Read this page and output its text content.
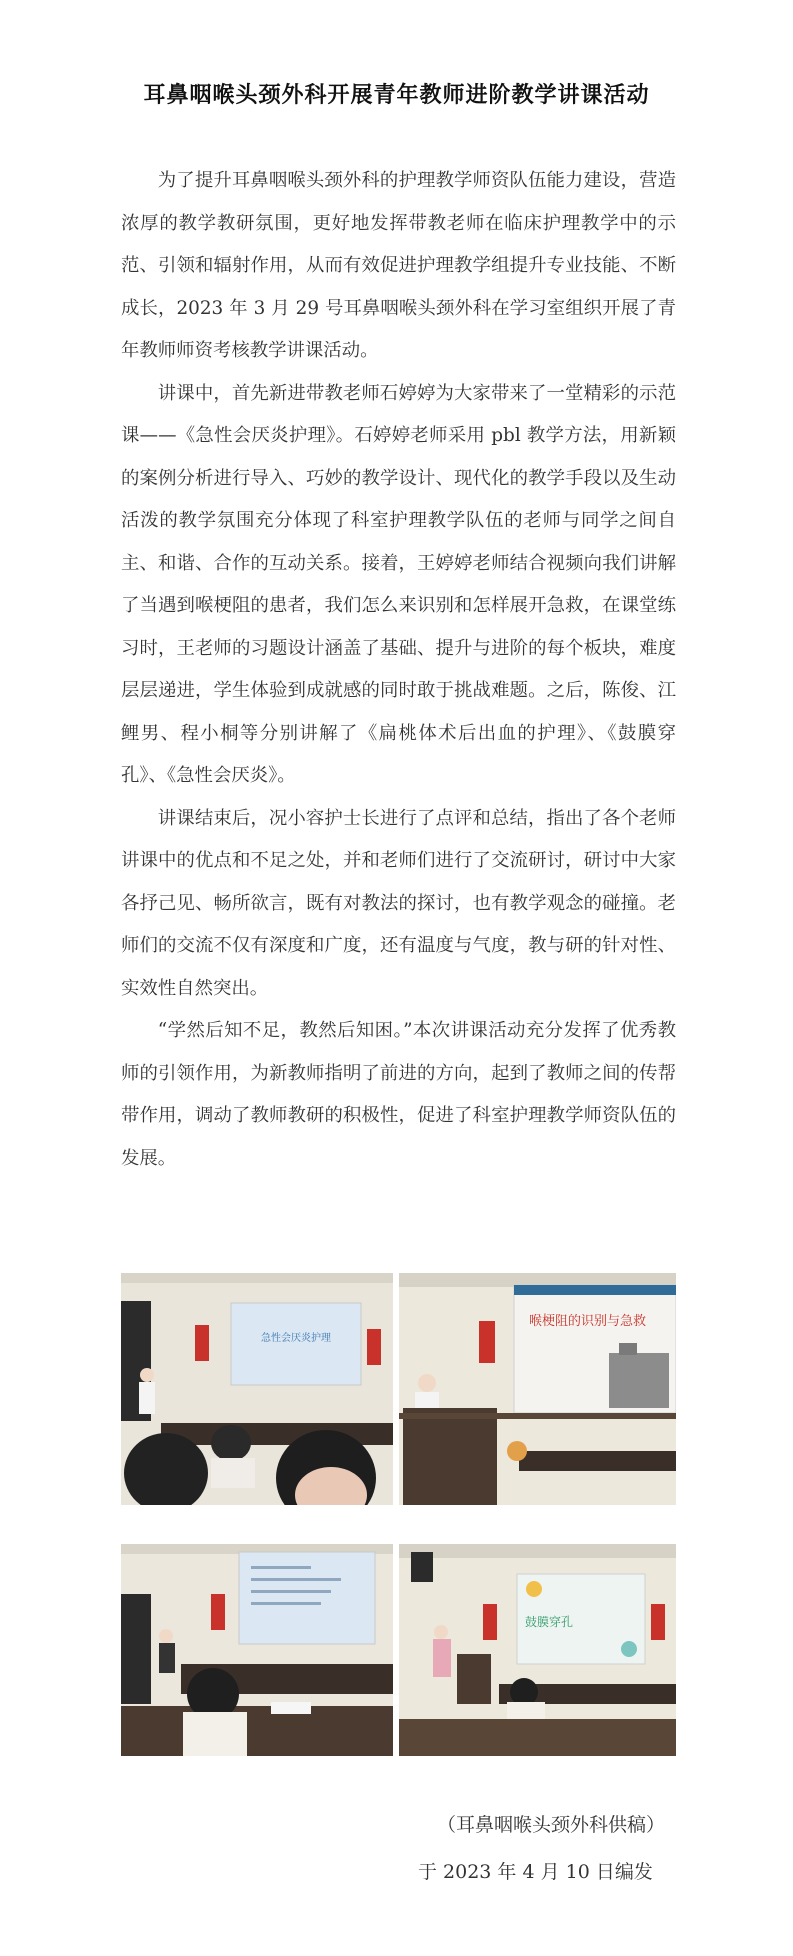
耳鼻咽喉头颈外科开展青年教师进阶教学讲课活动

为了提升耳鼻咽喉头颈外科的护理教学师资队伍能力建设，营造浓厚的教学教研氛围，更好地发挥带教老师在临床护理教学中的示范、引领和辐射作用，从而有效促进护理教学组提升专业技能、不断成长，2023 年 3 月 29 号耳鼻咽喉头颈外科在学习室组织开展了青年教师师资考核教学讲课活动。

讲课中，首先新进带教老师石婷婷为大家带来了一堂精彩的示范课——《急性会厌炎护理》。石婷婷老师采用 pbl 教学方法，用新颖的案例分析进行导入、巧妙的教学设计、现代化的教学手段以及生动活泼的教学氛围充分体现了科室护理教学队伍的老师与同学之间自主、和谐、合作的互动关系。接着，王婷婷老师结合视频向我们讲解了当遇到喉梗阻的患者，我们怎么来识别和怎样展开急救，在课堂练习时，王老师的习题设计涵盖了基础、提升与进阶的每个板块，难度层层递进，学生体验到成就感的同时敢于挑战难题。之后，陈俊、江鲤男、程小桐等分别讲解了《扁桃体术后出血的护理》、《鼓膜穿孔》、《急性会厌炎》。

讲课结束后，况小容护士长进行了点评和总结，指出了各个老师讲课中的优点和不足之处，并和老师们进行了交流研讨，研讨中大家各抒己见、畅所欲言，既有对教法的探讨，也有教学观念的碰撞。老师们的交流不仅有深度和广度，还有温度与气度，教与研的针对性、实效性自然突出。

“学然后知不足，教然后知困。”本次讲课活动充分发挥了优秀教师的引领作用，为新教师指明了前进的方向，起到了教师之间的传帮带作用，调动了教师教研的积极性，促进了科室护理教学师资队伍的发展。

急性会厌炎护理
喉梗阻的识别与急救
鼓膜穿孔
（耳鼻咽喉头颈外科供稿）
于 2023 年 4 月 10 日编发
